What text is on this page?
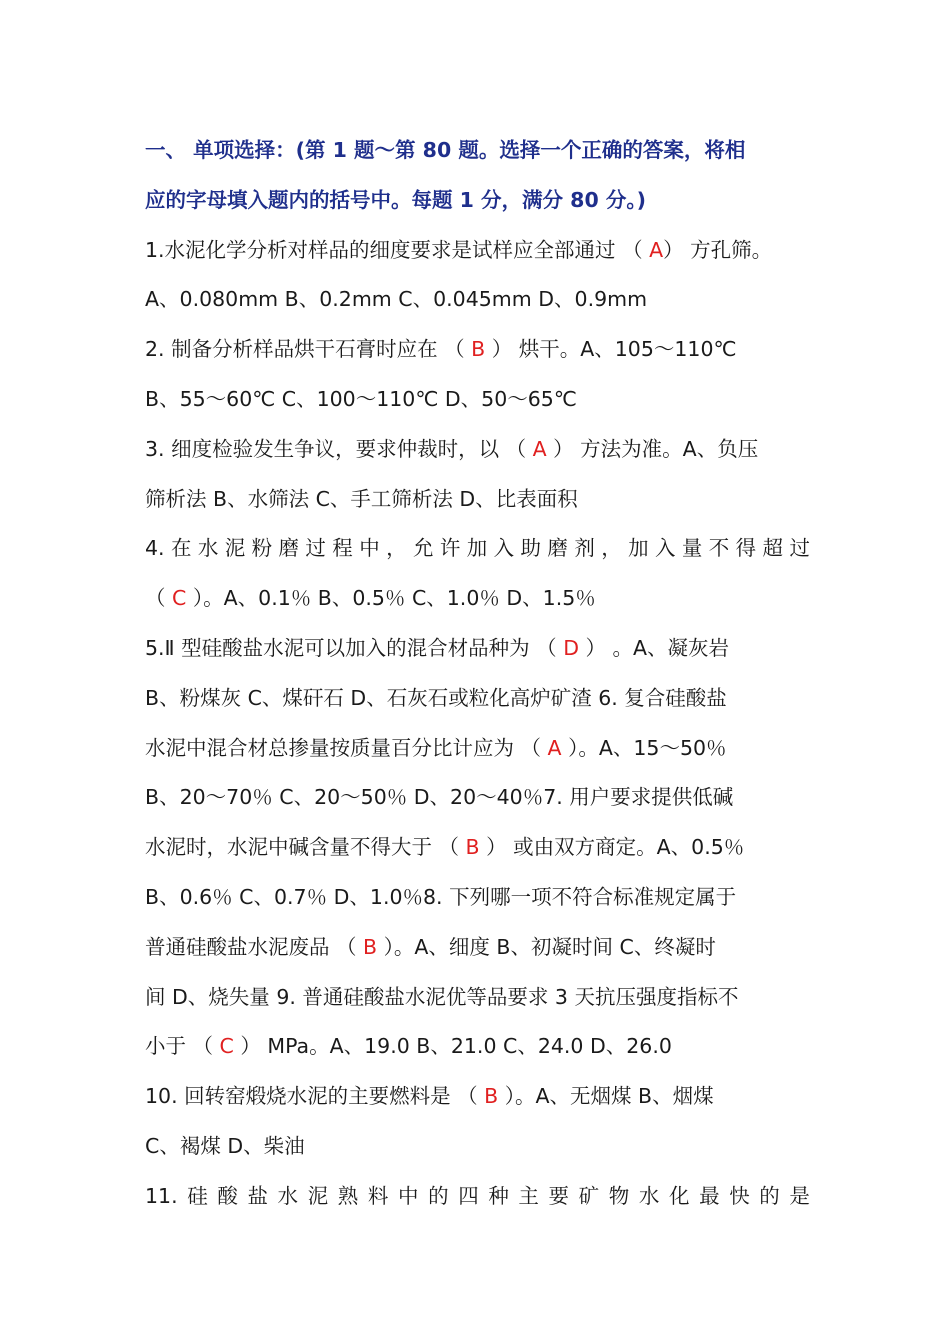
一、 单项选择：(第 1 题～第 80 题。选择一个正确的答案，将相
应的字母填入题内的括号中。每题 1 分，满分 80 分。)
1.水泥化学分析对样品的细度要求是试样应全部通过 （ A） 方孔筛。
A、0.080mm B、0.2mm C、0.045mm D、0.9mm
2. 制备分析样品烘干石膏时应在 （ B ） 烘干。A、105～110℃
B、55～60℃ C、100～110℃ D、50～65℃
3. 细度检验发生争议，要求仲裁时，以 （ A ） 方法为准。A、负压
筛析法 B、水筛法 C、手工筛析法 D、比表面积
4. 在 水 泥 粉 磨 过 程 中 ， 允 许 加 入 助 磨 剂 ， 加 入 量 不 得 超 过
（ C ）。A、0.1％ B、0.5％ C、1.0％ D、1.5％
5.Ⅱ 型硅酸盐水泥可以加入的混合材品种为 （ D ） 。A、凝灰岩
B、粉煤灰 C、煤矸石 D、石灰石或粒化高炉矿渣 6. 复合硅酸盐
水泥中混合材总掺量按质量百分比计应为 （ A ）。A、15～50％
B、20～70％ C、20～50％ D、20～40％7. 用户要求提供低碱
水泥时，水泥中碱含量不得大于 （ B ） 或由双方商定。A、0.5％
B、0.6％ C、0.7％ D、1.0％8. 下列哪一项不符合标准规定属于
普通硅酸盐水泥废品 （ B ）。A、细度 B、初凝时间 C、终凝时
间 D、烧失量 9. 普通硅酸盐水泥优等品要求 3 天抗压强度指标不
小于 （ C ） MPa。A、19.0 B、21.0 C、24.0 D、26.0
10. 回转窑煅烧水泥的主要燃料是 （ B ）。A、无烟煤 B、烟煤
C、褐煤 D、柴油
11. 硅 酸 盐 水 泥 熟 料 中 的 四 种 主 要 矿 物 水 化 最 快 的 是
